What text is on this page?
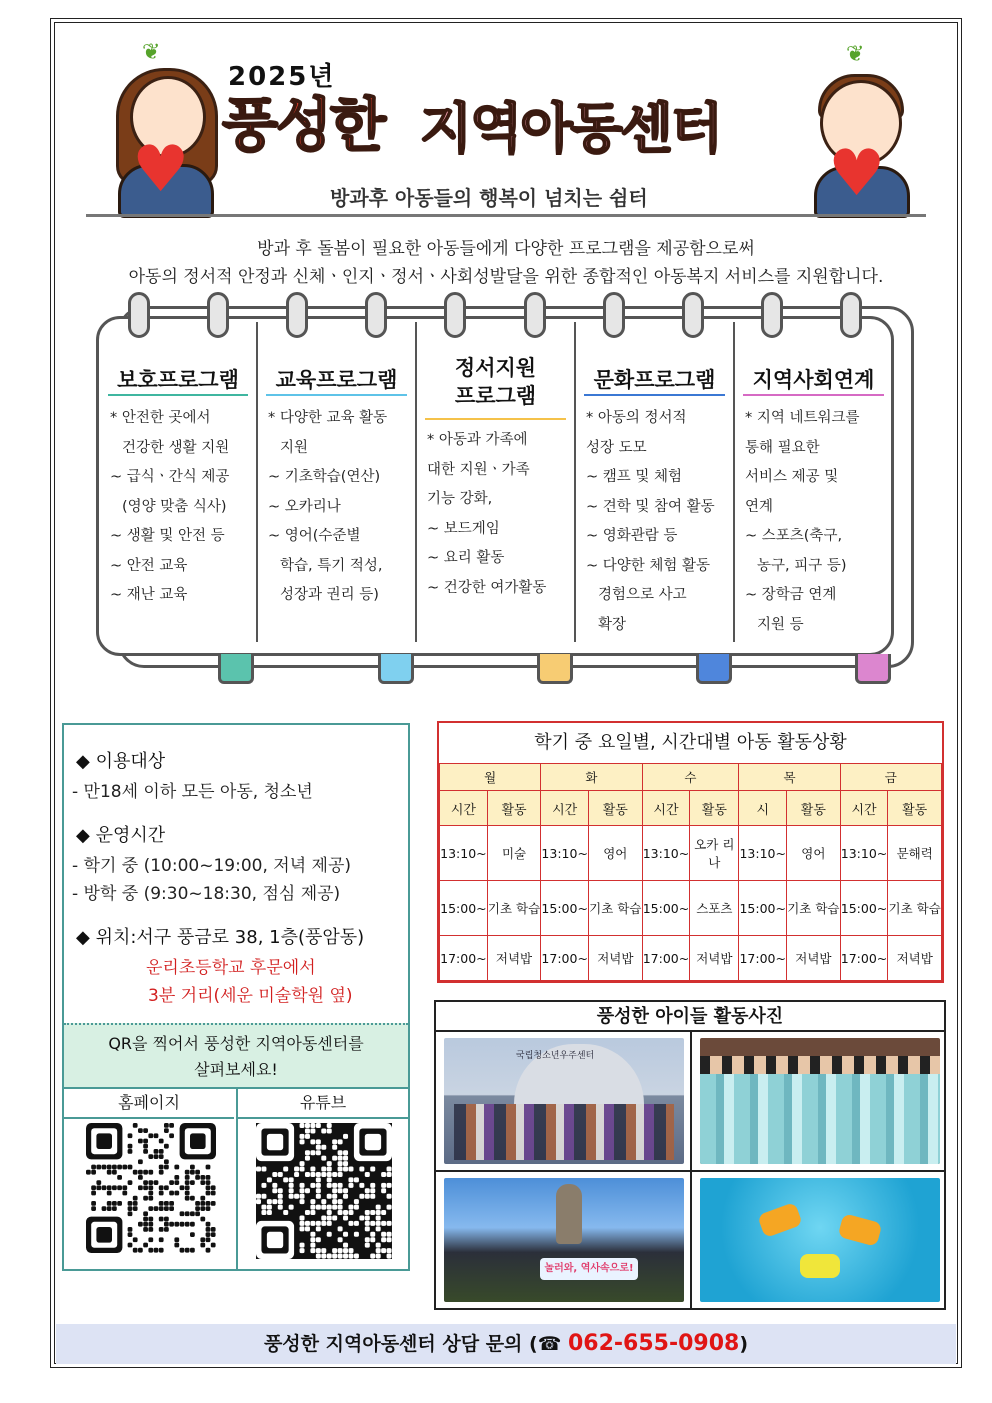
♥
❦
♥
❦
2025년
풍성한 지역아동센터
방과후 아동들의 행복이 넘치는 쉼터
방과 후 돌봄이 필요한 아동들에게 다양한 프로그램을 제공함으로써
아동의 정서적 안정과 신체ㆍ인지ㆍ정서ㆍ사회성발달을 위한 종합적인 아동복지 서비스를 지원합니다.
보호프로그램
* 안전한 곳에서
건강한 생활 지원
~ 급식ㆍ간식 제공
(영양 맞춤 식사)
~ 생활 및 안전 등
~ 안전 교육
~ 재난 교육
교육프로그램
* 다양한 교육 활동
지원
~ 기초학습(연산)
~ 오카리나
~ 영어(수준별
학습, 특기 적성,
성장과 권리 등)
정서지원
프로그램
* 아동과 가족에
대한 지원ㆍ가족
기능 강화,
~ 보드게임
~ 요리 활동
~ 건강한 여가활동
문화프로그램
* 아동의 정서적
성장 도모
~ 캠프 및 체험
~ 견학 및 참여 활동
~ 영화관람 등
~ 다양한 체험 활동
경험으로 사고
확장
지역사회연계
* 지역 네트워크를
통해 필요한
서비스 제공 및
연계
~ 스포츠(축구,
농구, 피구 등)
~ 장학금 연계
지원 등
◆ 이용대상
- 만18세 이하 모든 아동, 청소년
◆ 운영시간
- 학기 중 (10:00~19:00, 저녁 제공)
- 방학 중 (9:30~18:30, 점심 제공)
◆ 위치:서구 풍금로 38, 1층(풍암동)
운리초등학교 후문에서
3분 거리(세운 미술학원 옆)
QR을 찍어서 풍성한 지역아동센터를
살펴보세요!
홈페이지	유튜브
학기 중 요일별, 시간대별 아동 활동상황
월		화		수		목		금	
시간	활동	시간	활동	시간	활동	시	활동	시간	활동
13:10~	미술	13:10~	영어	13:10~	오카 리나	13:10~	영어	13:10~	문해력
15:00~	기초 학습	15:00~	기초 학습	15:00~	스포츠	15:00~	기초 학습	15:00~	기초 학습
17:00~	저녁밥	17:00~	저녁밥	17:00~	저녁밥	17:00~	저녁밥	17:00~	저녁밥
풍성한 아이들 활동사진
국립청소년우주센터
놀러와, 역사속으로!
풍성한 지역아동센터 상담 문의 (☎ 062-655-0908)
